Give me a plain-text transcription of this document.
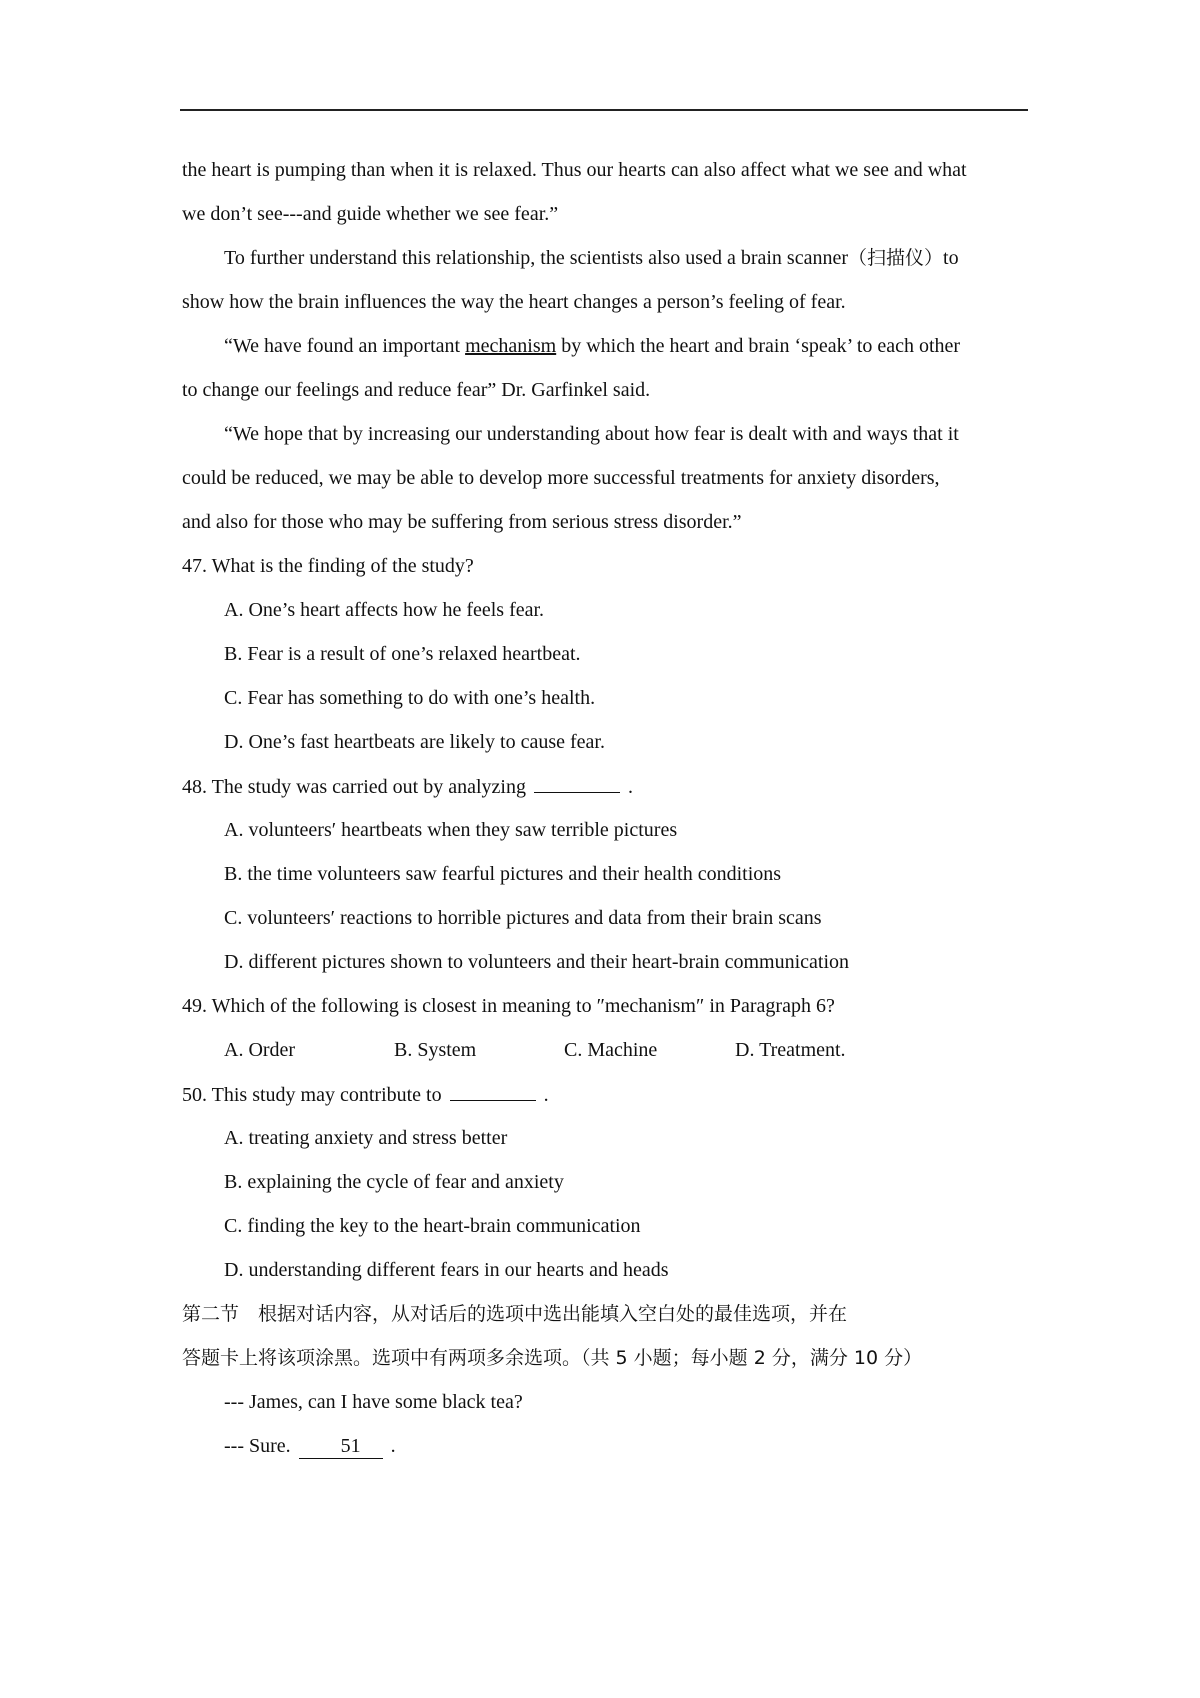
the heart is pumping than when it is relaxed. Thus our hearts can also affect what we see and what
we don’t see---and guide whether we see fear.”
To further understand this relationship, the scientists also used a brain scanner（扫描仪）to
show how the brain influences the way the heart changes a person’s feeling of fear.
“We have found an important mechanism by which the heart and brain ‘speak’ to each other
to change our feelings and reduce fear” Dr. Garfinkel said.
“We hope that by increasing our understanding about how fear is dealt with and ways that it
could be reduced, we may be able to develop more successful treatments for anxiety disorders,
and also for those who may be suffering from serious stress disorder.”
47. What is the finding of the study?
A. One’s heart affects how he feels fear.
B. Fear is a result of one’s relaxed heartbeat.
C. Fear has something to do with one’s health.
D. One’s fast heartbeats are likely to cause fear.
48. The study was carried out by analyzing	.
A. volunteers′ heartbeats when they saw terrible pictures
B. the time volunteers saw fearful pictures and their health conditions
C. volunteers′ reactions to horrible pictures and data from their brain scans
D. different pictures shown to volunteers and their heart-brain communication
49. Which of the following is closest in meaning to ″mechanism″ in Paragraph 6?
A. Order	B. System	C. Machine	D. Treatment.
50. This study may contribute to	.
A. treating anxiety and stress better
B. explaining the cycle of fear and anxiety
C. finding the key to the heart-brain communication
D. understanding different fears in our hearts and heads
第二节　根据对话内容，从对话后的选项中选出能填入空白处的最佳选项，并在
答题卡上将该项涂黑。选项中有两项多余选项。（共 5 小题；每小题 2 分，满分 10 分）
--- James, can I have some black tea?
--- Sure.	51 .
